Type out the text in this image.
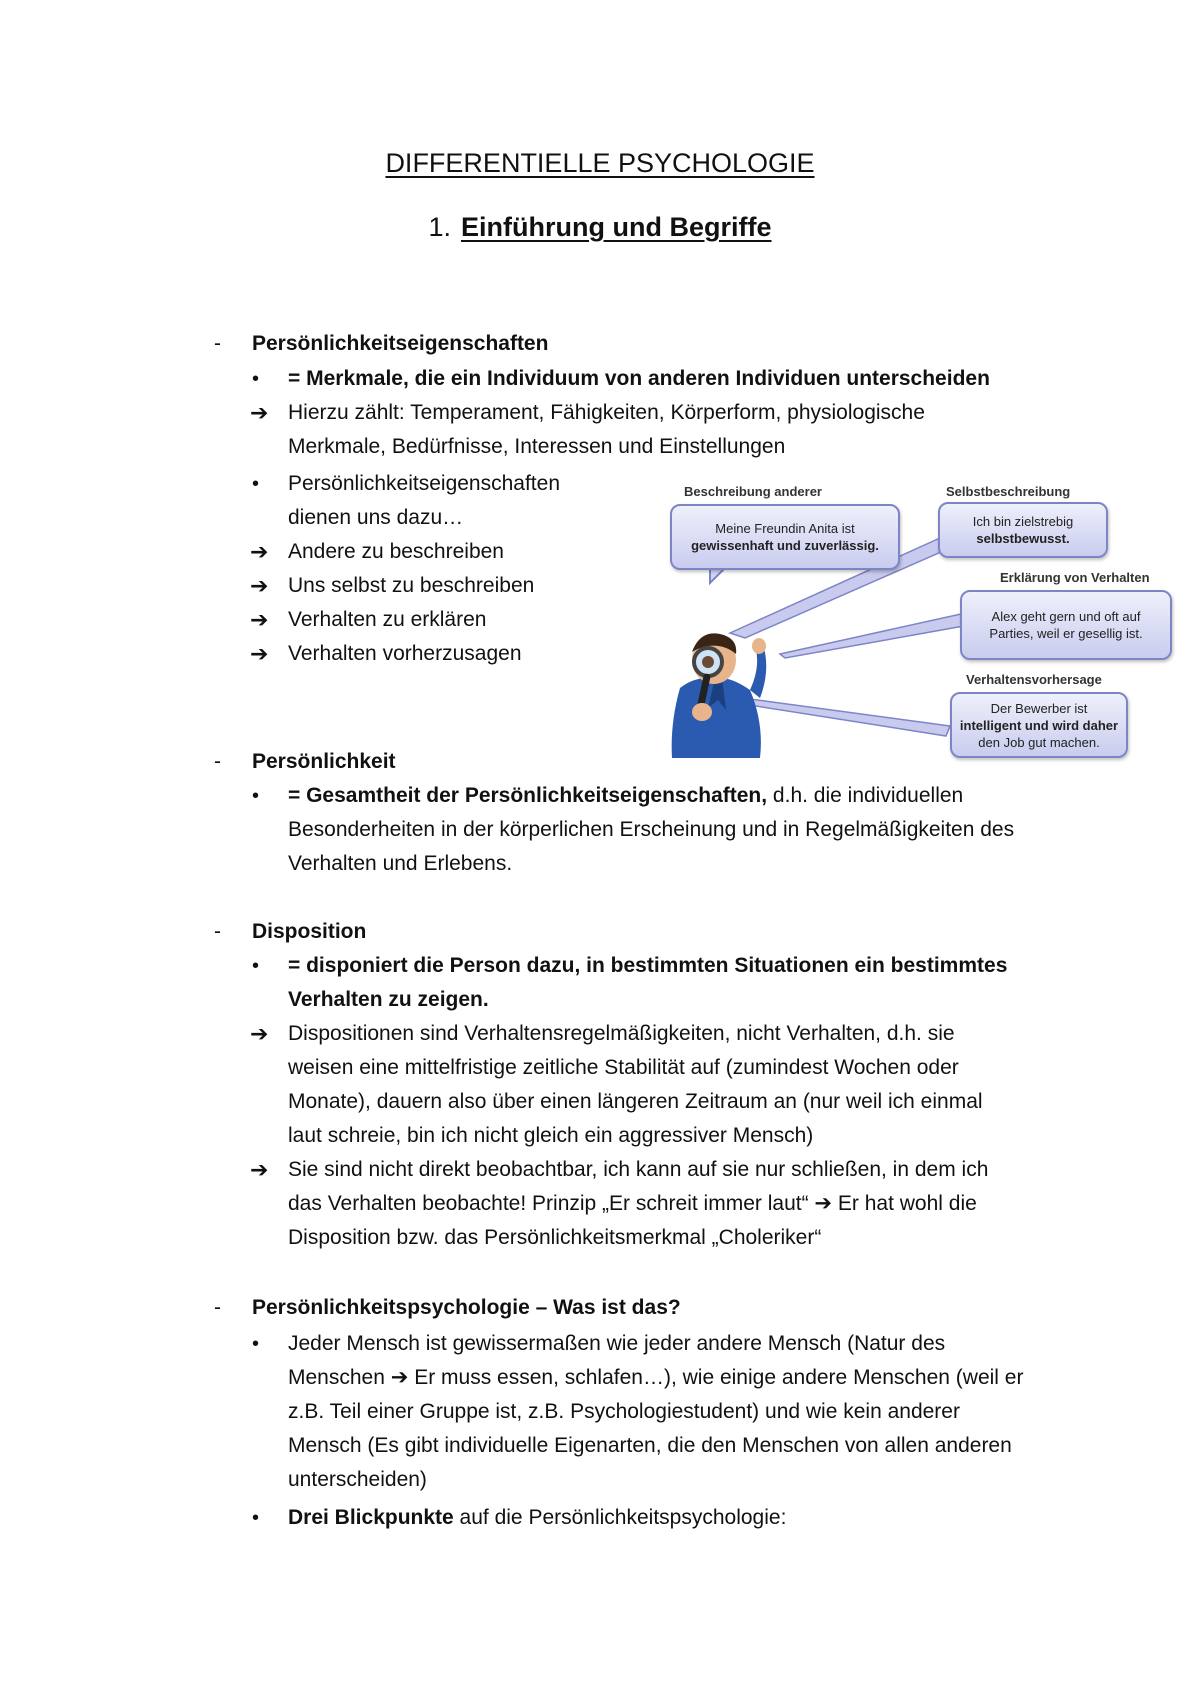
DIFFERENTIELLE PSYCHOLOGIE
1. Einführung und Begriffe
- Persönlichkeitseigenschaften
• = Merkmale, die ein Individuum von anderen Individuen unterscheiden
➔ Hierzu zählt: Temperament, Fähigkeiten, Körperform, physiologische
Merkmale, Bedürfnisse, Interessen und Einstellungen
• Persönlichkeitseigenschaften
dienen uns dazu…
➔ Andere zu beschreiben
➔ Uns selbst zu beschreiben
➔ Verhalten zu erklären
➔ Verhalten vorherzusagen
Beschreibung anderer
Meine Freundin Anita ist
gewissenhaft und zuverlässig.
Selbstbeschreibung
Ich bin zielstrebig
selbstbewusst.
Erklärung von Verhalten
Alex geht gern und oft auf
Parties, weil er gesellig ist.
Verhaltensvorhersage
Der Bewerber ist
intelligent und wird daher
den Job gut machen.
- Persönlichkeit
• = Gesamtheit der Persönlichkeitseigenschaften, d.h. die individuellen
Besonderheiten in der körperlichen Erscheinung und in Regelmäßigkeiten des
Verhalten und Erlebens.
- Disposition
• = disponiert die Person dazu, in bestimmten Situationen ein bestimmtes
Verhalten zu zeigen.
➔ Dispositionen sind Verhaltensregelmäßigkeiten, nicht Verhalten, d.h. sie
weisen eine mittelfristige zeitliche Stabilität auf (zumindest Wochen oder
Monate), dauern also über einen längeren Zeitraum an (nur weil ich einmal
laut schreie, bin ich nicht gleich ein aggressiver Mensch)
➔ Sie sind nicht direkt beobachtbar, ich kann auf sie nur schließen, in dem ich
das Verhalten beobachte! Prinzip „Er schreit immer laut“ ➔ Er hat wohl die
Disposition bzw. das Persönlichkeitsmerkmal „Choleriker“
- Persönlichkeitspsychologie – Was ist das?
• Jeder Mensch ist gewissermaßen wie jeder andere Mensch (Natur des
Menschen ➔ Er muss essen, schlafen…), wie einige andere Menschen (weil er
z.B. Teil einer Gruppe ist, z.B. Psychologiestudent) und wie kein anderer
Mensch (Es gibt individuelle Eigenarten, die den Menschen von allen anderen
unterscheiden)
• Drei Blickpunkte auf die Persönlichkeitspsychologie:
